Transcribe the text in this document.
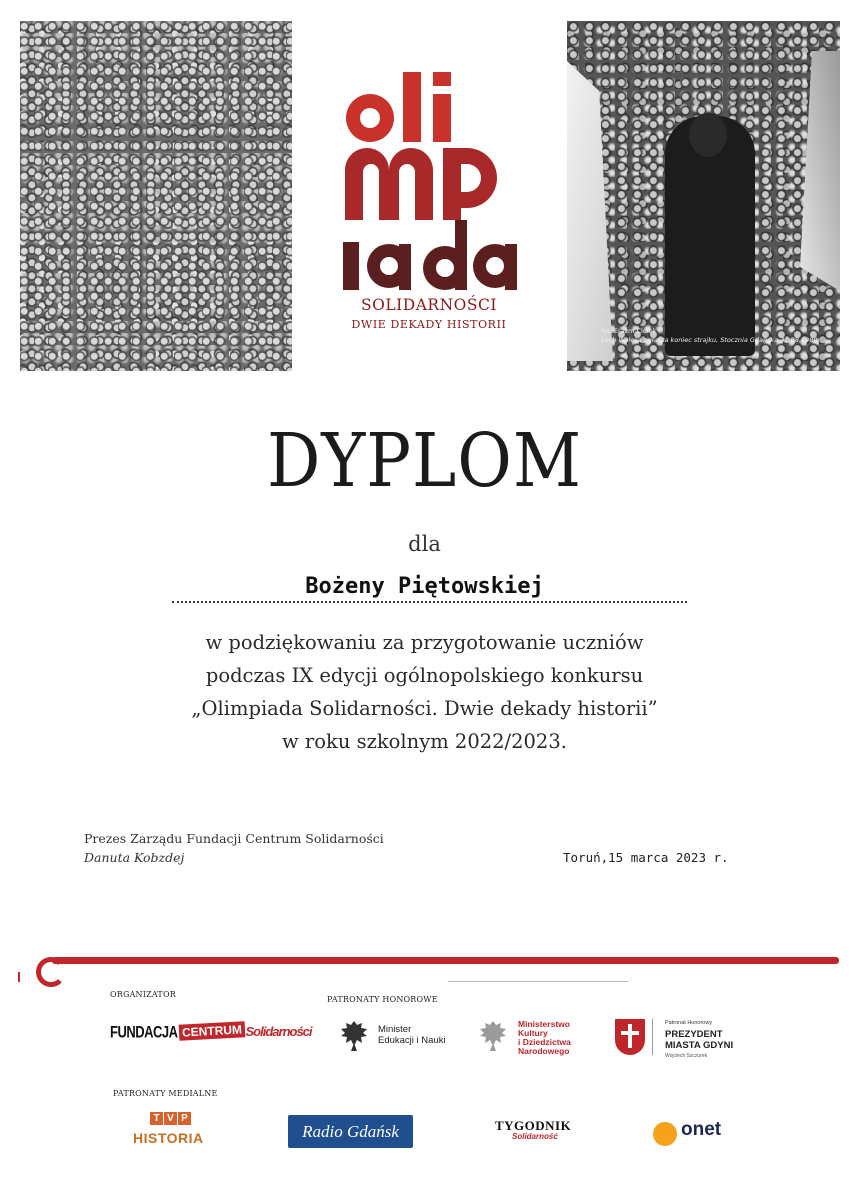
fot. Erazm Ciołek
Lech Wałęsa ogłasza koniec strajku, Stocznia Gdańska 31.08.1980
SOLIDARNOŚCI
DWIE DEKADY HISTORII
DYPLOM
dla
Bożeny Piętowskiej
w podziękowaniu za przygotowanie uczniów
podczas IX edycji ogólnopolskiego konkursu
„Olimpiada Solidarności. Dwie dekady historii”
w roku szkolnym 2022/2023.
Prezes Zarządu Fundacji Centrum Solidarności
Danuta Kobzdej	Toruń,15 marca 2023 r.
ORGANIZATOR
PATRONATY HONOROWE
PATRONATY MEDIALNE
FUNDACJA CENTRUM Solidarności	Minister
Edukacji i Nauki
Ministerstwo
Kultury
i Dziedzictwa
Narodowego
Patronat Honorowy
PREZYDENT
MIASTA GDYNI
Wojciech Szczurek
T V P
HISTORIA	Radio Gdańsk	TYGODNIK
Solidarność	onet
